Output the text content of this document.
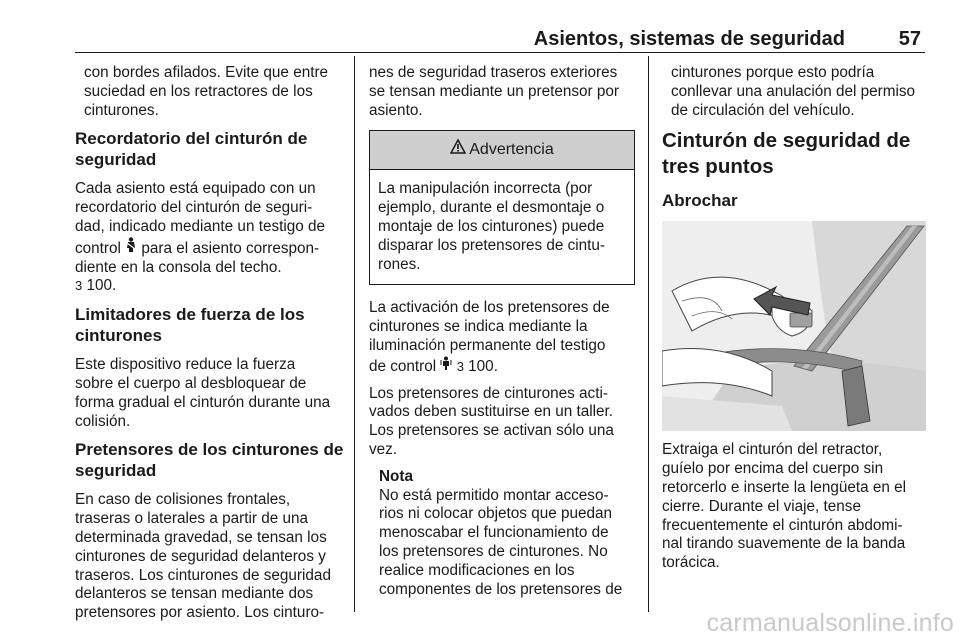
Asientos, sistemas de seguridad	57

con bordes afilados. Evite que entre
suciedad en los retractores de los
cinturones.

Recordatorio del cinturón de
seguridad

Cada asiento está equipado con un
recordatorio del cinturón de seguri-
dad, indicado mediante un testigo de
control  para el asiento correspon-
diente en la consola del techo.
3 100.

Limitadores de fuerza de los
cinturones

Este dispositivo reduce la fuerza
sobre el cuerpo al desbloquear de
forma gradual el cinturón durante una
colisión.

Pretensores de los cinturones de
seguridad

En caso de colisiones frontales,
traseras o laterales a partir de una
determinada gravedad, se tensan los
cinturones de seguridad delanteros y
traseros. Los cinturones de seguridad
delanteros se tensan mediante dos
pretensores por asiento. Los cinturo-

nes de seguridad traseros exteriores
se tensan mediante un pretensor por
asiento.

Advertencia
La manipulación incorrecta (por
ejemplo, durante el desmontaje o
montaje de los cinturones) puede
disparar los pretensores de cintu-
rones.

La activación de los pretensores de
cinturones se indica mediante la
iluminación permanente del testigo
de control 3 100.

Los pretensores de cinturones acti-
vados deben sustituirse en un taller.
Los pretensores se activan sólo una
vez.

Nota
No está permitido montar acceso-
rios ni colocar objetos que puedan
menoscabar el funcionamiento de
los pretensores de cinturones. No
realice modificaciones en los
componentes de los pretensores de

cinturones porque esto podría
conllevar una anulación del permiso
de circulación del vehículo.

Cinturón de seguridad de
tres puntos
Abrochar

Extraiga el cinturón del retractor,
guíelo por encima del cuerpo sin
retorcerlo e inserte la lengüeta en el
cierre. Durante el viaje, tense
frecuentemente el cinturón abdomi-
nal tirando suavemente de la banda
torácica.

carmanualsonline.info
